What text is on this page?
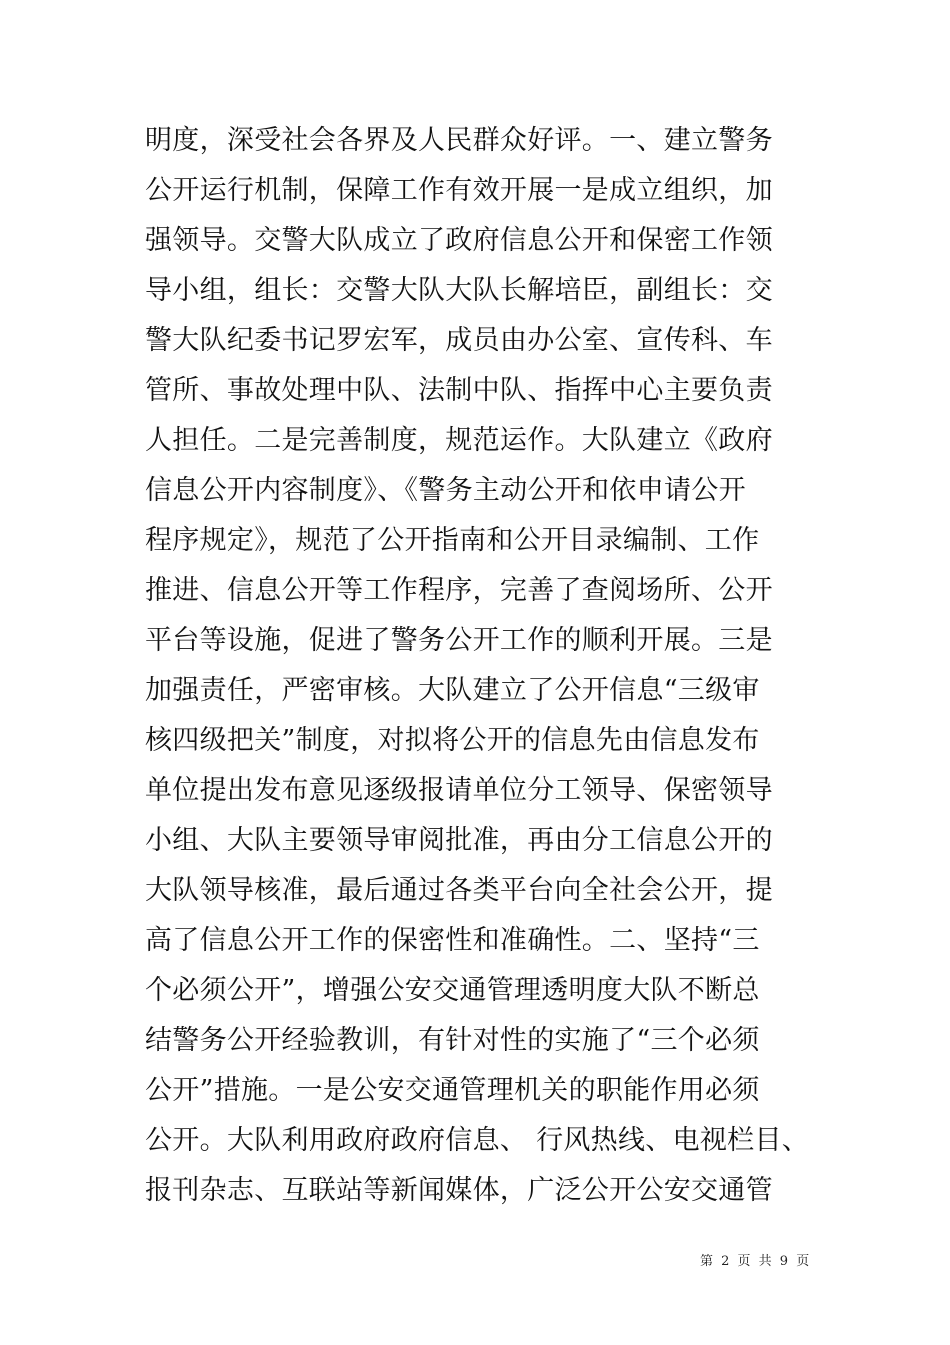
明度，深受社会各界及人民群众好评。一、建立警务
公开运行机制，保障工作有效开展一是成立组织，加
强领导。交警大队成立了政府信息公开和保密工作领
导小组，组长：交警大队大队长解培臣，副组长：交
警大队纪委书记罗宏军，成员由办公室、宣传科、车
管所、事故处理中队、法制中队、指挥中心主要负责
人担任。二是完善制度，规范运作。大队建立《政府
信息公开内容制度》、《警务主动公开和依申请公开
程序规定》，规范了公开指南和公开目录编制、工作
推进、信息公开等工作程序，完善了查阅场所、公开
平台等设施，促进了警务公开工作的顺利开展。三是
加强责任，严密审核。大队建立了公开信息“三级审
核四级把关”制度，对拟将公开的信息先由信息发布
单位提出发布意见逐级报请单位分工领导、保密领导
小组、大队主要领导审阅批准，再由分工信息公开的
大队领导核准，最后通过各类平台向全社会公开，提
高了信息公开工作的保密性和准确性。二、坚持“三
个必须公开”，增强公安交通管理透明度大队不断总
结警务公开经验教训，有针对性的实施了“三个必须
公开”措施。一是公安交通管理机关的职能作用必须
公开。大队利用政府政府信息、 行风热线、电视栏目、
报刊杂志、互联站等新闻媒体，广泛公开公安交通管
第 2 页 共 9 页
